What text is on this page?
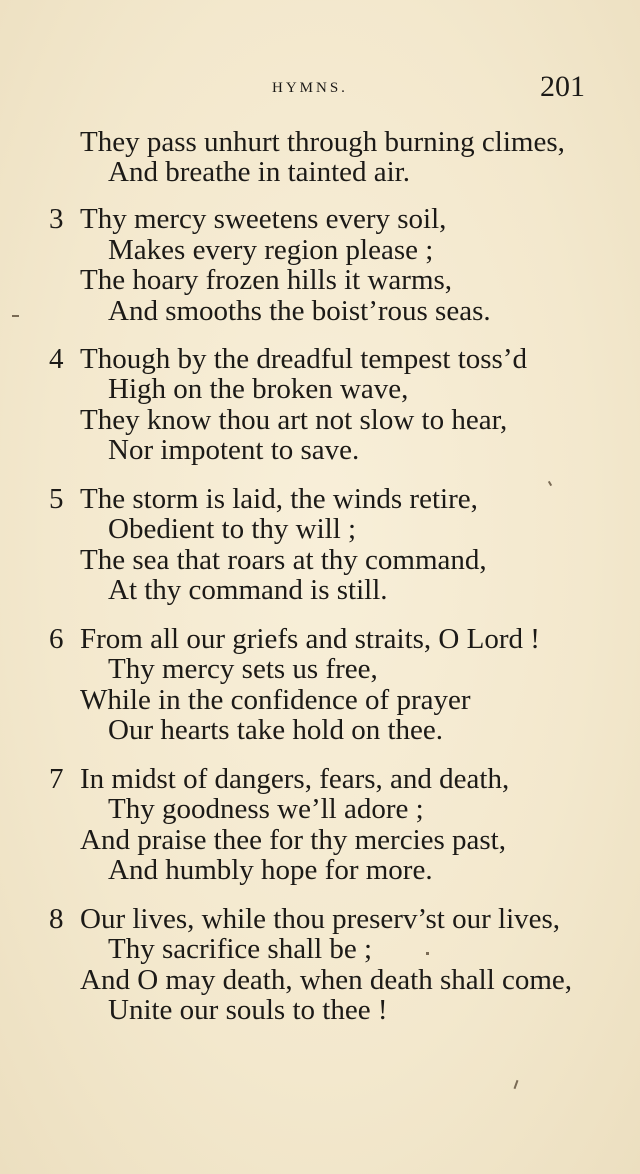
HYMNS.	201
They pass unhurt through burning climes,
And breathe in tainted air.
3 Thy mercy sweetens every soil,
Makes every region please ;
The hoary frozen hills it warms,
And smooths the boist’rous seas.
4 Though by the dreadful tempest toss’d
High on the broken wave,
They know thou art not slow to hear,
Nor impotent to save.
5 The storm is laid, the winds retire,
Obedient to thy will ;
The sea that roars at thy command,
At thy command is still.
6 From all our griefs and straits, O Lord !
Thy mercy sets us free,
While in the confidence of prayer
Our hearts take hold on thee.
7 In midst of dangers, fears, and death,
Thy goodness we’ll adore ;
And praise thee for thy mercies past,
And humbly hope for more.
8 Our lives, while thou preserv’st our lives,
Thy sacrifice shall be ;
And O may death, when death shall come,
Unite our souls to thee !
